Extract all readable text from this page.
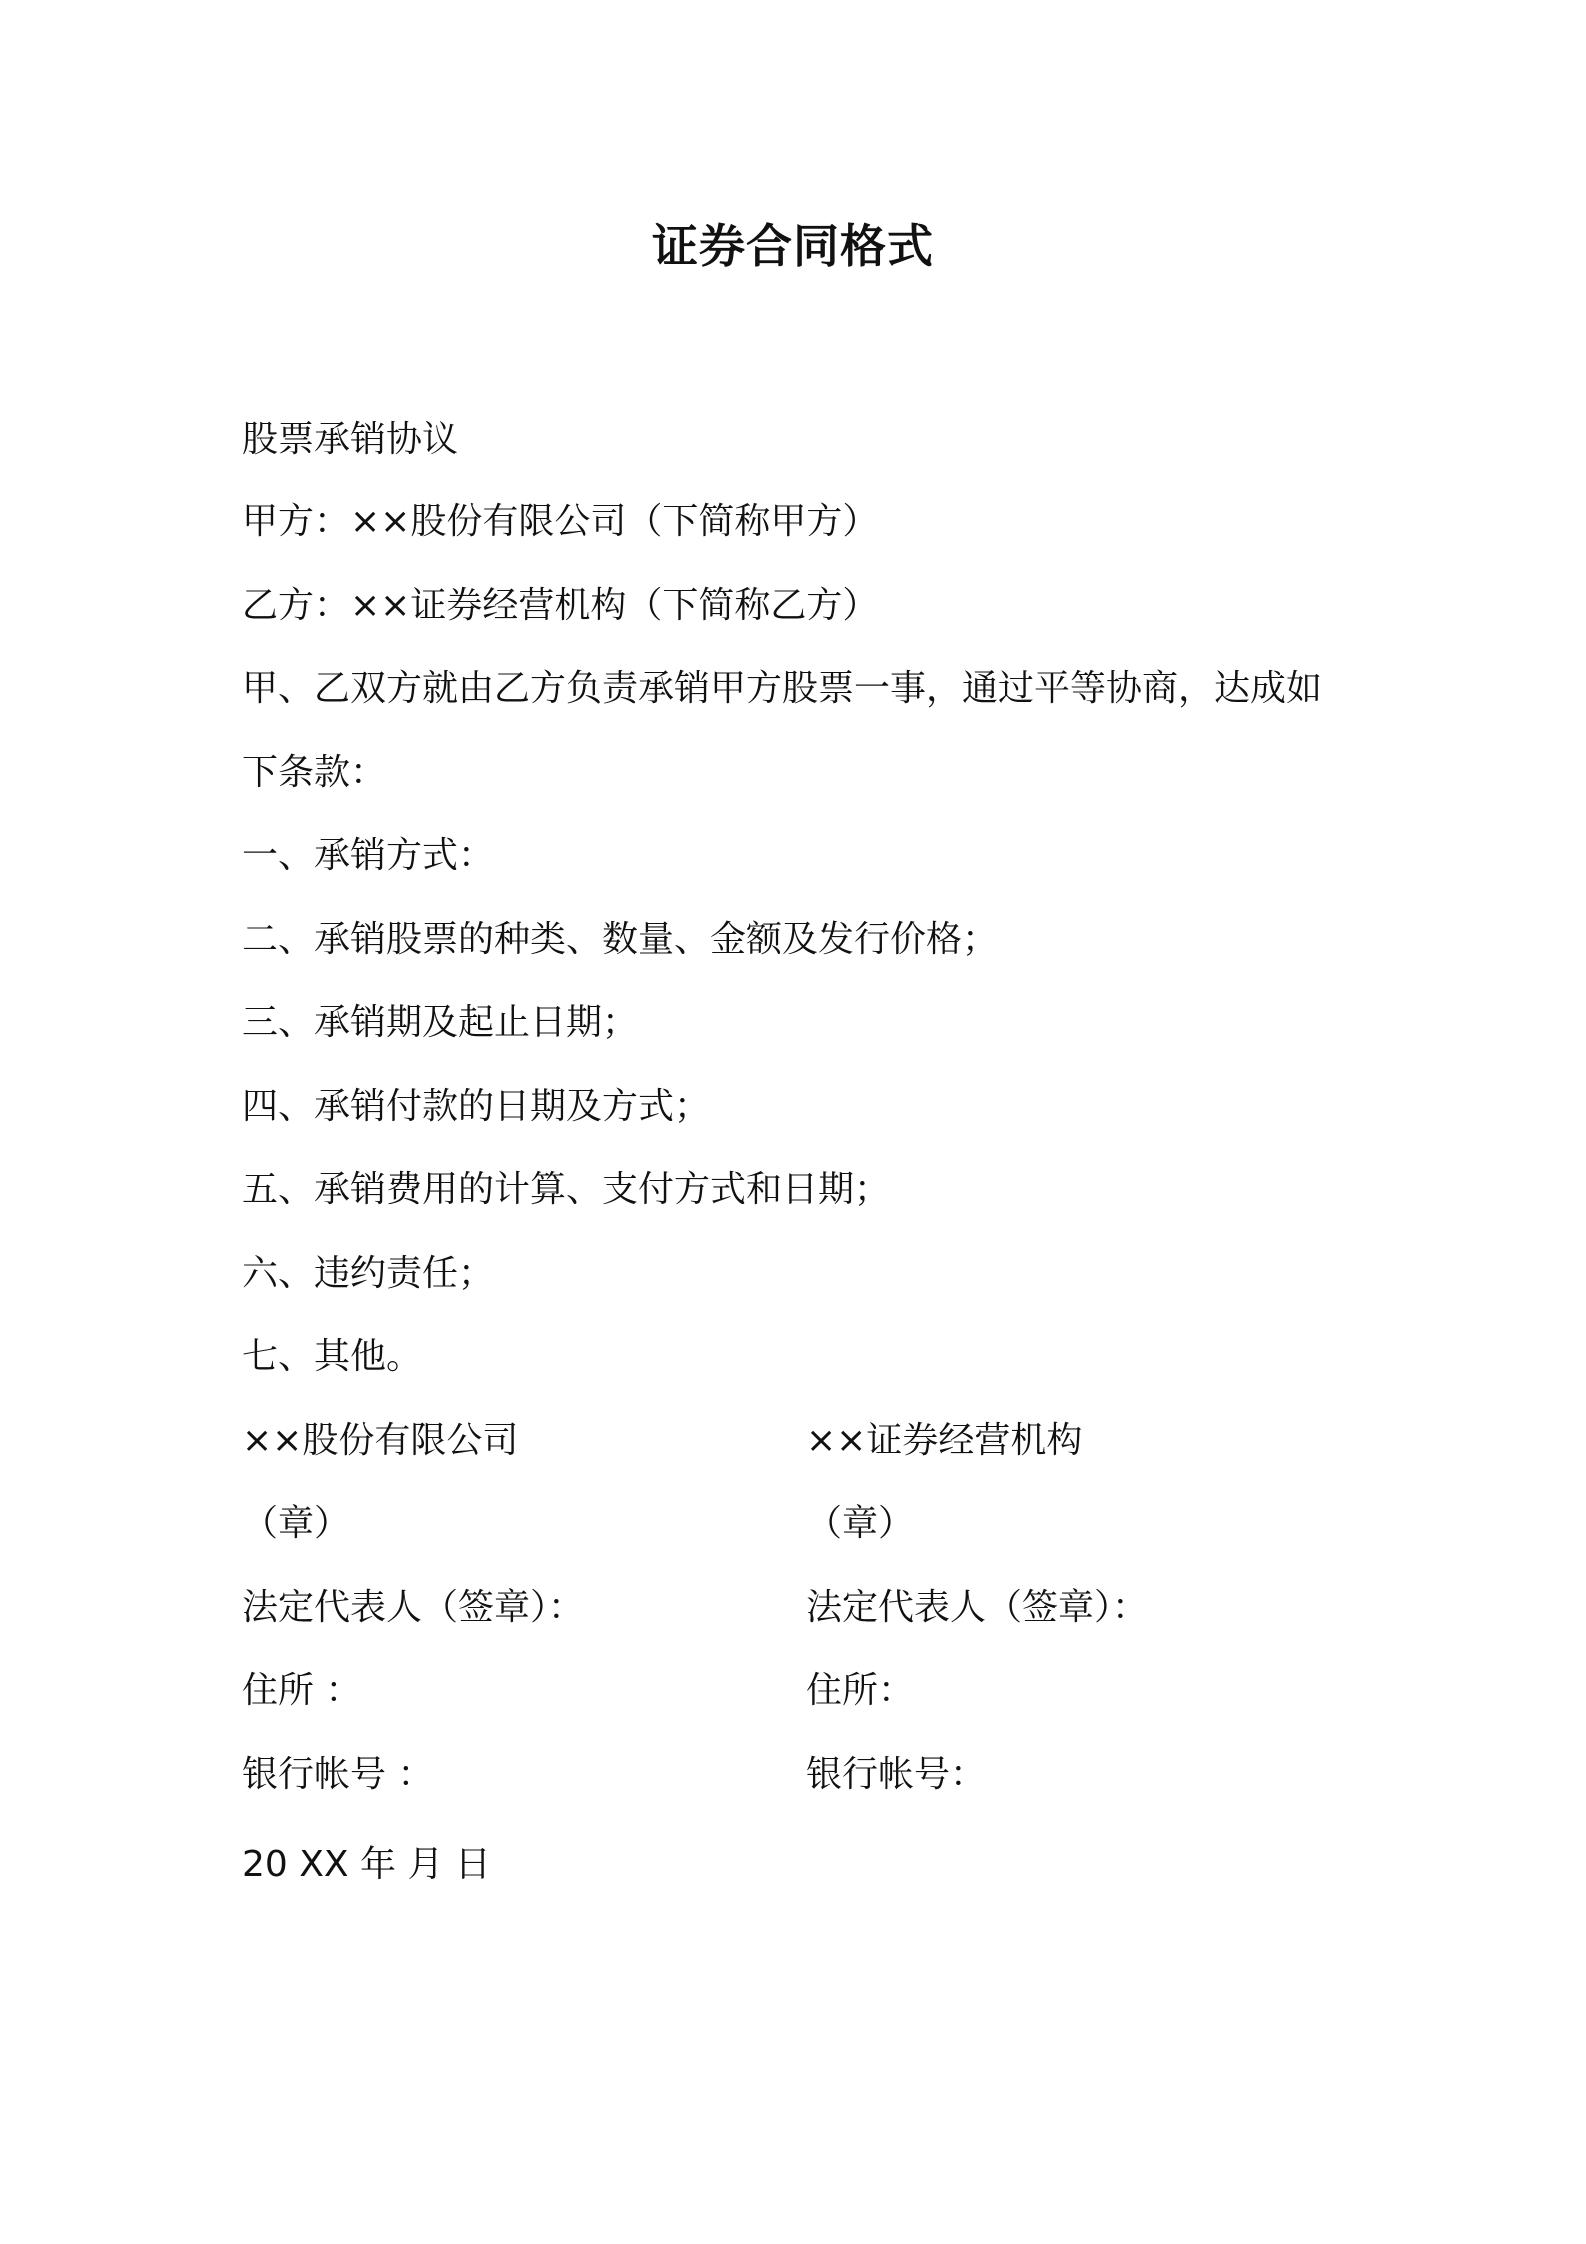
证券合同格式
股票承销协议
甲方：××股份有限公司（下简称甲方）
乙方：××证券经营机构（下简称乙方）
甲、乙双方就由乙方负责承销甲方股票一事，通过平等协商，达成如
下条款：
一、承销方式：
二、承销股票的种类、数量、金额及发行价格；
三、承销期及起止日期；
四、承销付款的日期及方式；
五、承销费用的计算、支付方式和日期；
六、违约责任；
七、其他。
××股份有限公司	××证券经营机构
（章）	（章）
法定代表人（签章）：	法定代表人（签章）：
住所 ：	住所：
银行帐号 ：	银行帐号：
20 XX 年 月 日
